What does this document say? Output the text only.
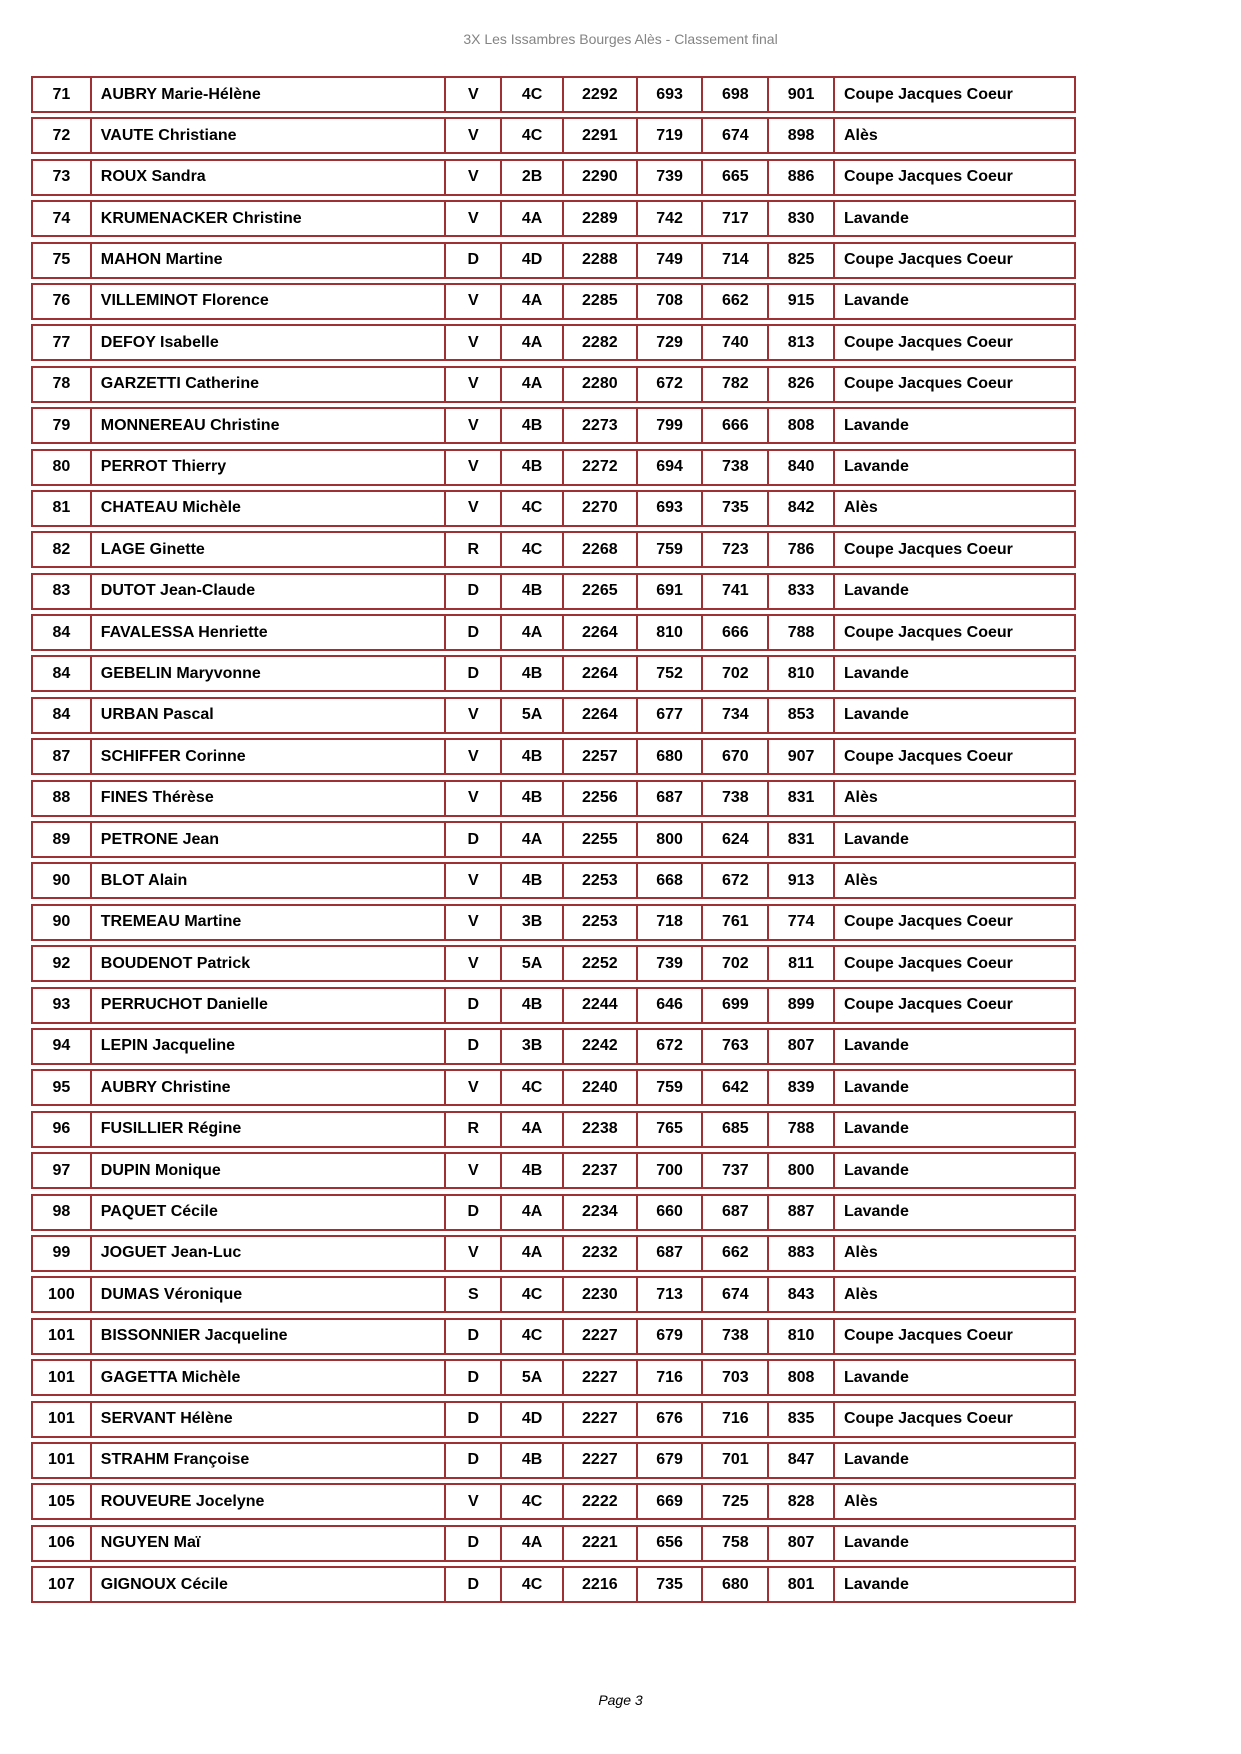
3X Les Issambres Bourges Alès - Classement final
71	AUBRY Marie-Hélène	V	4C	2292	693	698	901	Coupe Jacques Coeur
72	VAUTE Christiane	V	4C	2291	719	674	898	Alès
73	ROUX Sandra	V	2B	2290	739	665	886	Coupe Jacques Coeur
74	KRUMENACKER Christine	V	4A	2289	742	717	830	Lavande
75	MAHON Martine	D	4D	2288	749	714	825	Coupe Jacques Coeur
76	VILLEMINOT Florence	V	4A	2285	708	662	915	Lavande
77	DEFOY Isabelle	V	4A	2282	729	740	813	Coupe Jacques Coeur
78	GARZETTI Catherine	V	4A	2280	672	782	826	Coupe Jacques Coeur
79	MONNEREAU Christine	V	4B	2273	799	666	808	Lavande
80	PERROT Thierry	V	4B	2272	694	738	840	Lavande
81	CHATEAU Michèle	V	4C	2270	693	735	842	Alès
82	LAGE Ginette	R	4C	2268	759	723	786	Coupe Jacques Coeur
83	DUTOT Jean-Claude	D	4B	2265	691	741	833	Lavande
84	FAVALESSA Henriette	D	4A	2264	810	666	788	Coupe Jacques Coeur
84	GEBELIN Maryvonne	D	4B	2264	752	702	810	Lavande
84	URBAN Pascal	V	5A	2264	677	734	853	Lavande
87	SCHIFFER Corinne	V	4B	2257	680	670	907	Coupe Jacques Coeur
88	FINES Thérèse	V	4B	2256	687	738	831	Alès
89	PETRONE Jean	D	4A	2255	800	624	831	Lavande
90	BLOT Alain	V	4B	2253	668	672	913	Alès
90	TREMEAU Martine	V	3B	2253	718	761	774	Coupe Jacques Coeur
92	BOUDENOT Patrick	V	5A	2252	739	702	811	Coupe Jacques Coeur
93	PERRUCHOT Danielle	D	4B	2244	646	699	899	Coupe Jacques Coeur
94	LEPIN Jacqueline	D	3B	2242	672	763	807	Lavande
95	AUBRY Christine	V	4C	2240	759	642	839	Lavande
96	FUSILLIER Régine	R	4A	2238	765	685	788	Lavande
97	DUPIN Monique	V	4B	2237	700	737	800	Lavande
98	PAQUET Cécile	D	4A	2234	660	687	887	Lavande
99	JOGUET Jean-Luc	V	4A	2232	687	662	883	Alès
100	DUMAS Véronique	S	4C	2230	713	674	843	Alès
101	BISSONNIER Jacqueline	D	4C	2227	679	738	810	Coupe Jacques Coeur
101	GAGETTA Michèle	D	5A	2227	716	703	808	Lavande
101	SERVANT Hélène	D	4D	2227	676	716	835	Coupe Jacques Coeur
101	STRAHM Françoise	D	4B	2227	679	701	847	Lavande
105	ROUVEURE Jocelyne	V	4C	2222	669	725	828	Alès
106	NGUYEN Maï	D	4A	2221	656	758	807	Lavande
107	GIGNOUX Cécile	D	4C	2216	735	680	801	Lavande
Page 3
